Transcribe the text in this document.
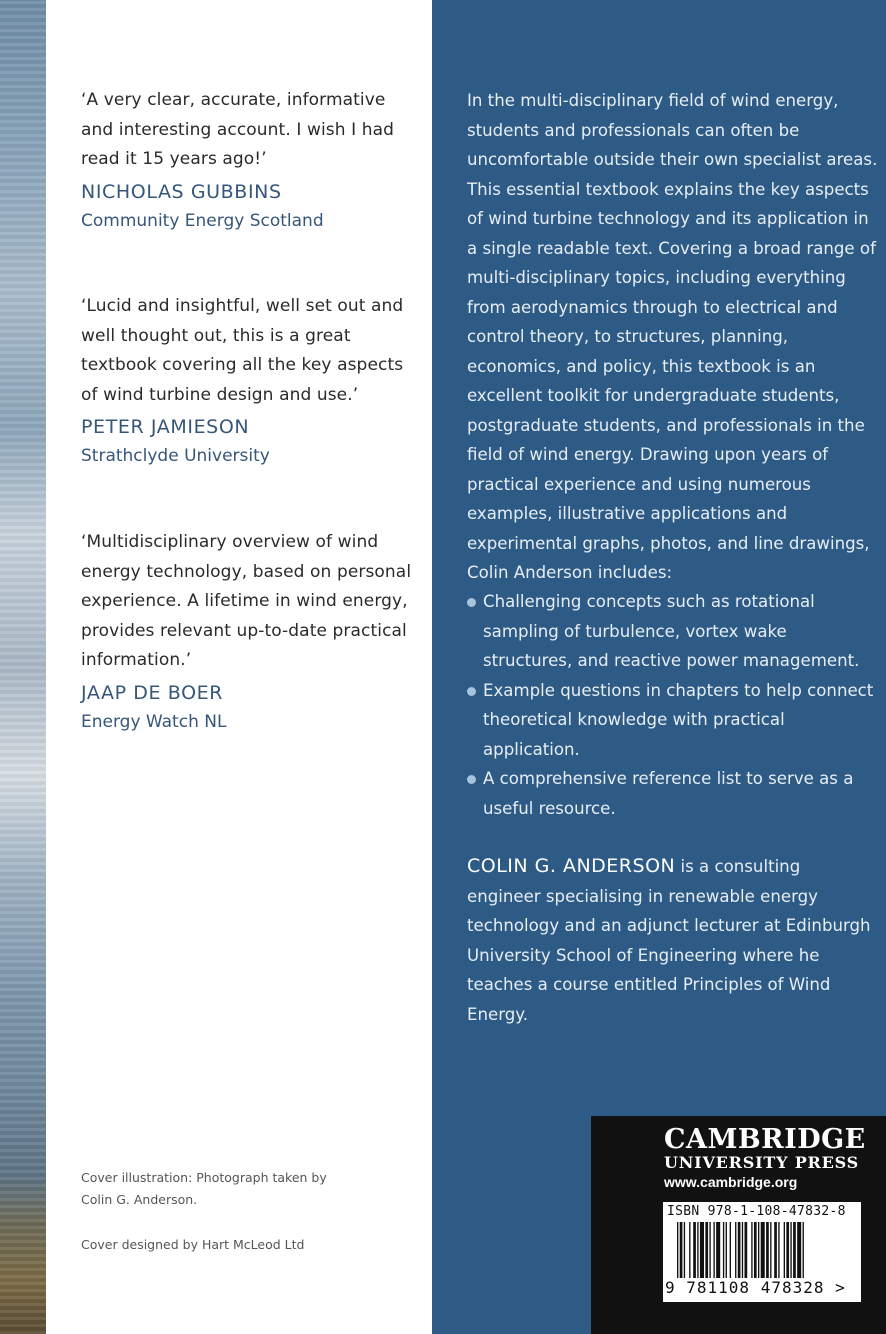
‘A very clear, accurate, informative and interesting account. I wish I had read it 15 years ago!’

NICHOLAS GUBBINS

Community Energy Scotland

‘Lucid and insightful, well set out and well thought out, this is a great textbook covering all the key aspects of wind turbine design and use.’

PETER JAMIESON

Strathclyde University

‘Multidisciplinary overview of wind energy technology, based on personal experience. A lifetime in wind energy, provides relevant up-to-date practical information.’

JAAP DE BOER

Energy Watch NL

Cover illustration: Photograph taken by Colin G. Anderson.

Cover designed by Hart McLeod Ltd

In the multi-disciplinary field of wind energy, students and professionals can often be uncomfortable outside their own specialist areas. This essential textbook explains the key aspects of wind turbine technology and its application in a single readable text. Covering a broad range of multi-disciplinary topics, including everything from aerodynamics through to electrical and control theory, to structures, planning, economics, and policy, this textbook is an excellent toolkit for undergraduate students, postgraduate students, and professionals in the field of wind energy. Drawing upon years of practical experience and using numerous examples, illustrative applications and experimental graphs, photos, and line drawings, Colin Anderson includes:

Challenging concepts such as rotational sampling of turbulence, vortex wake structures, and reactive power management.
Example questions in chapters to help connect theoretical knowledge with practical application.
A comprehensive reference list to serve as a useful resource.

COLIN G. ANDERSON is a consulting engineer specialising in renewable energy technology and an adjunct lecturer at Edinburgh University School of Engineering where he teaches a course entitled Principles of Wind Energy.

CAMBRIDGE
UNIVERSITY PRESS
www.cambridge.org
ISBN 978-1-108-47832-8
9 781108 478328 >
